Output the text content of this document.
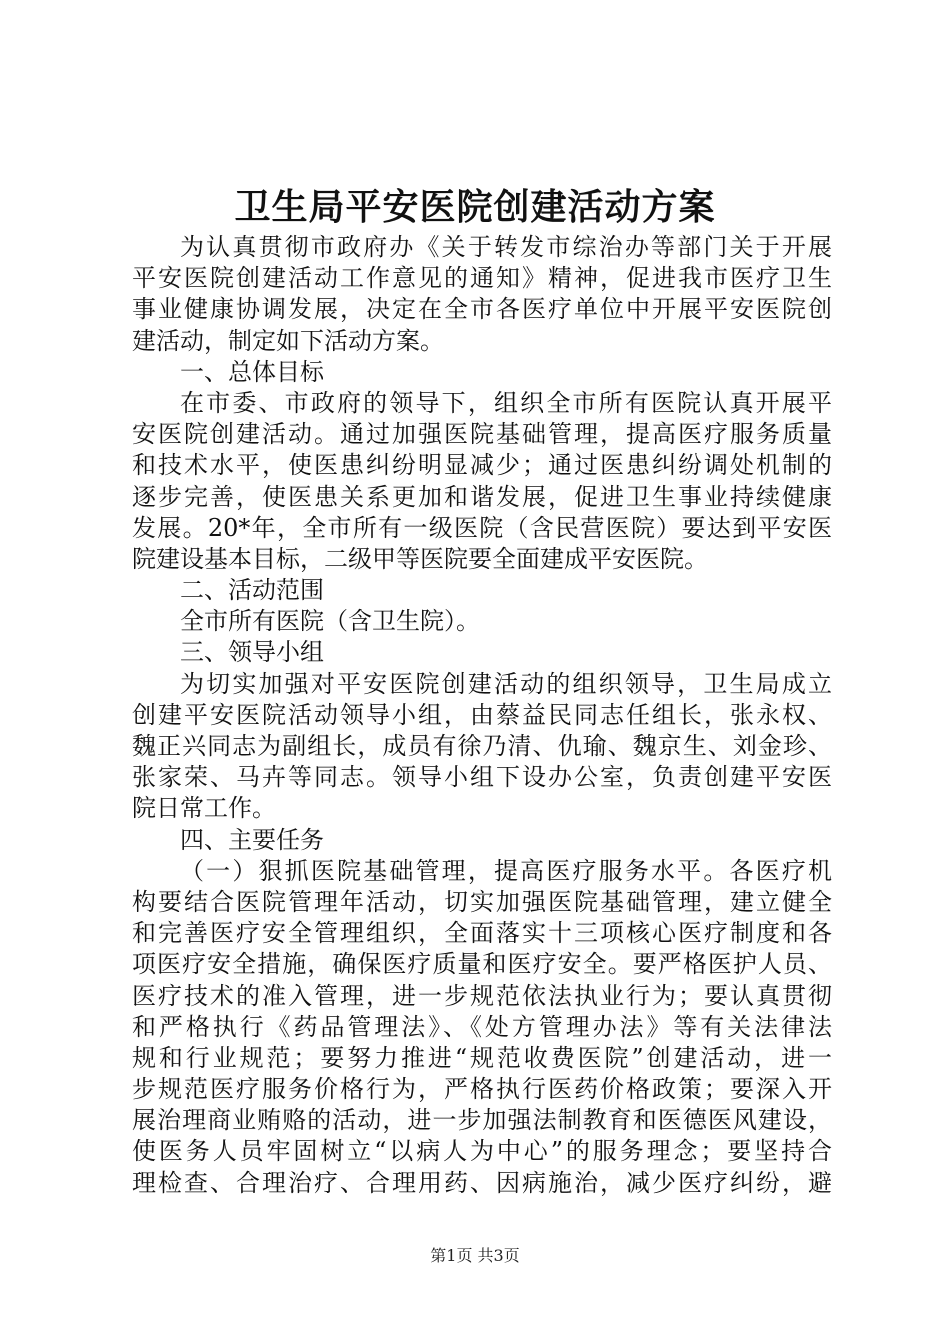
卫生局平安医院创建活动方案
为认真贯彻市政府办《关于转发市综治办等部门关于开展
平安医院创建活动工作意见的通知》精神，促进我市医疗卫生
事业健康协调发展，决定在全市各医疗单位中开展平安医院创
建活动，制定如下活动方案。
一、总体目标
在市委、市政府的领导下，组织全市所有医院认真开展平
安医院创建活动。通过加强医院基础管理，提高医疗服务质量
和技术水平，使医患纠纷明显减少；通过医患纠纷调处机制的
逐步完善，使医患关系更加和谐发展，促进卫生事业持续健康
发展。20*年，全市所有一级医院（含民营医院）要达到平安医
院建设基本目标，二级甲等医院要全面建成平安医院。
二、活动范围
全市所有医院（含卫生院）。
三、领导小组
为切实加强对平安医院创建活动的组织领导，卫生局成立
创建平安医院活动领导小组，由蔡益民同志任组长，张永权、
魏正兴同志为副组长，成员有徐乃清、仇瑜、魏京生、刘金珍、
张家荣、马卉等同志。领导小组下设办公室，负责创建平安医
院日常工作。
四、主要任务
（一）狠抓医院基础管理，提高医疗服务水平。各医疗机
构要结合医院管理年活动，切实加强医院基础管理，建立健全
和完善医疗安全管理组织，全面落实十三项核心医疗制度和各
项医疗安全措施，确保医疗质量和医疗安全。要严格医护人员、
医疗技术的准入管理，进一步规范依法执业行为；要认真贯彻
和严格执行《药品管理法》、《处方管理办法》等有关法律法
规和行业规范；要努力推进“规范收费医院”创建活动，进一
步规范医疗服务价格行为，严格执行医药价格政策；要深入开
展治理商业贿赂的活动，进一步加强法制教育和医德医风建设，
使医务人员牢固树立“以病人为中心”的服务理念；要坚持合
理检查、合理治疗、合理用药、因病施治，减少医疗纠纷，避
第1页 共3页
